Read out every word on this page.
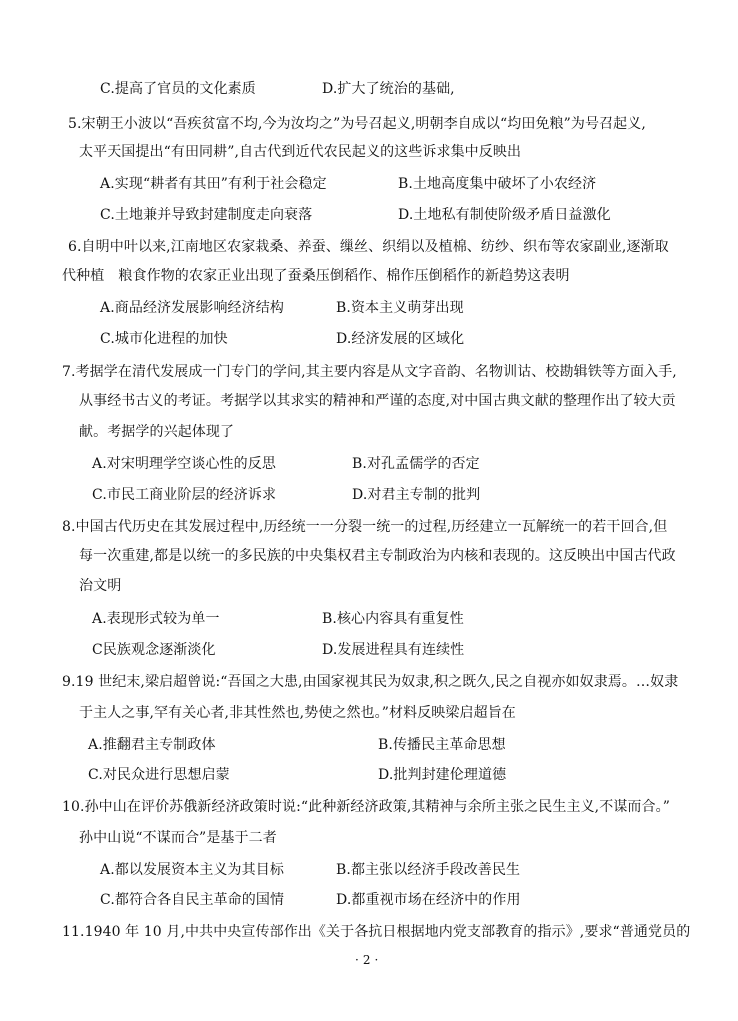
C.提高了官员的文化素质	D.扩大了统治的基础,
5.宋朝王小波以“吾疾贫富不均,今为汝均之”为号召起义,明朝李自成以“均田免粮”为号召起义,
太平天国提出“有田同耕”,自古代到近代农民起义的这些诉求集中反映出
A.实现“耕者有其田”有利于社会稳定	B.土地高度集中破坏了小农经济
C.土地兼并导致封建制度走向衰落	D.土地私有制使阶级矛盾日益激化
6.自明中叶以来,江南地区农家栽桑、养蚕、缫丝、织绢以及植棉、纺纱、织布等农家副业,逐渐取
代种植　粮食作物的农家正业出现了蚕桑压倒稻作、棉作压倒稻作的新趋势这表明
A.商品经济发展影响经济结构	B.资本主义萌芽出现
C.城市化进程的加快	D.经济发展的区域化
7.考据学在清代发展成一门专门的学问,其主要内容是从文字音韵、名物训诂、校勘辑铁等方面入手,
从事经书古义的考证。考据学以其求实的精神和严谨的态度,对中国古典文献的整理作出了较大贡
献。考据学的兴起体现了
A.对宋明理学空谈心性的反思	B.对孔孟儒学的否定
C.市民工商业阶层的经济诉求	D.对君主专制的批判
8.中国古代历史在其发展过程中,历经统一一分裂一统一的过程,历经建立一瓦解统一的若干回合,但
每一次重建,都是以统一的多民族的中央集权君主专制政治为内核和表现的。这反映出中国古代政
治文明
A.表现形式较为单一	B.核心内容具有重复性
C民族观念逐渐淡化	D.发展进程具有连续性
9.19 世纪末,梁启超曾说:“吾国之大患,由国家视其民为奴隶,积之既久,民之自视亦如奴隶焉。…奴隶
于主人之事,罕有关心者,非其性然也,势使之然也。”材料反映梁启超旨在
A.推翻君主专制政体	B.传播民主革命思想
C.对民众进行思想启蒙	D.批判封建伦理道德
10.孙中山在评价苏俄新经济政策时说:“此种新经济政策,其精神与余所主张之民生主义,不谋而合。”
孙中山说“不谋而合”是基于二者
A.都以发展资本主义为其目标	B.都主张以经济手段改善民生
C.都符合各自民主革命的国情	D.都重视市场在经济中的作用
11.1940 年 10 月,中共中央宣传部作出《关于各抗日根据地内党支部教育的指示》,要求“普通党员的
· 2 ·
